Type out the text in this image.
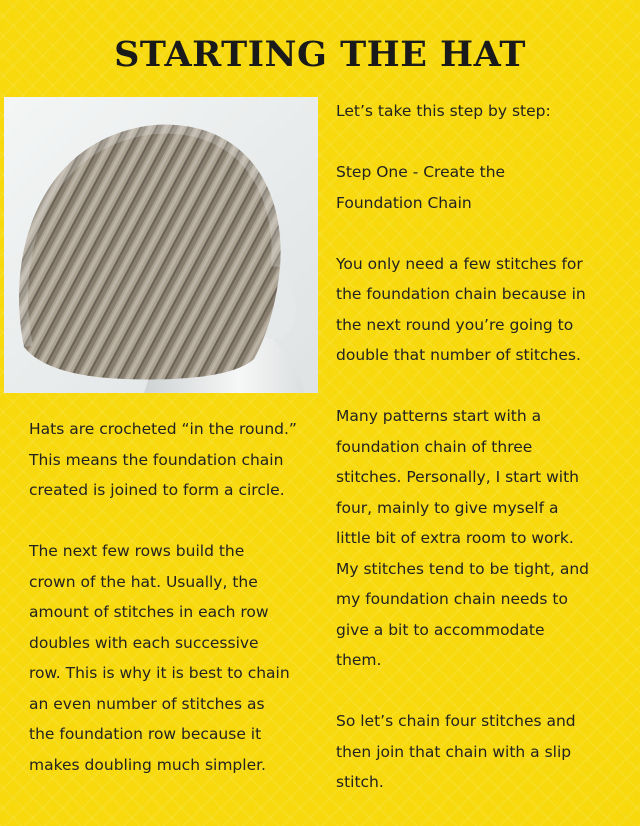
STARTING THE HAT

Let’s take this step by step:

Step One - Create the

Foundation Chain

You only need a few stitches for

the foundation chain because in

the next round you’re going to

double that number of stitches.

Many patterns start with a

foundation chain of three

stitches. Personally, I start with

four, mainly to give myself a

little bit of extra room to work.

My stitches tend to be tight, and

my foundation chain needs to

give a bit to accommodate

them.

So let’s chain four stitches and

then join that chain with a slip

stitch.

Hats are crocheted “in the round.”

This means the foundation chain

created is joined to form a circle.

The next few rows build the

crown of the hat. Usually, the

amount of stitches in each row

doubles with each successive

row. This is why it is best to chain

an even number of stitches as

the foundation row because it

makes doubling much simpler.
